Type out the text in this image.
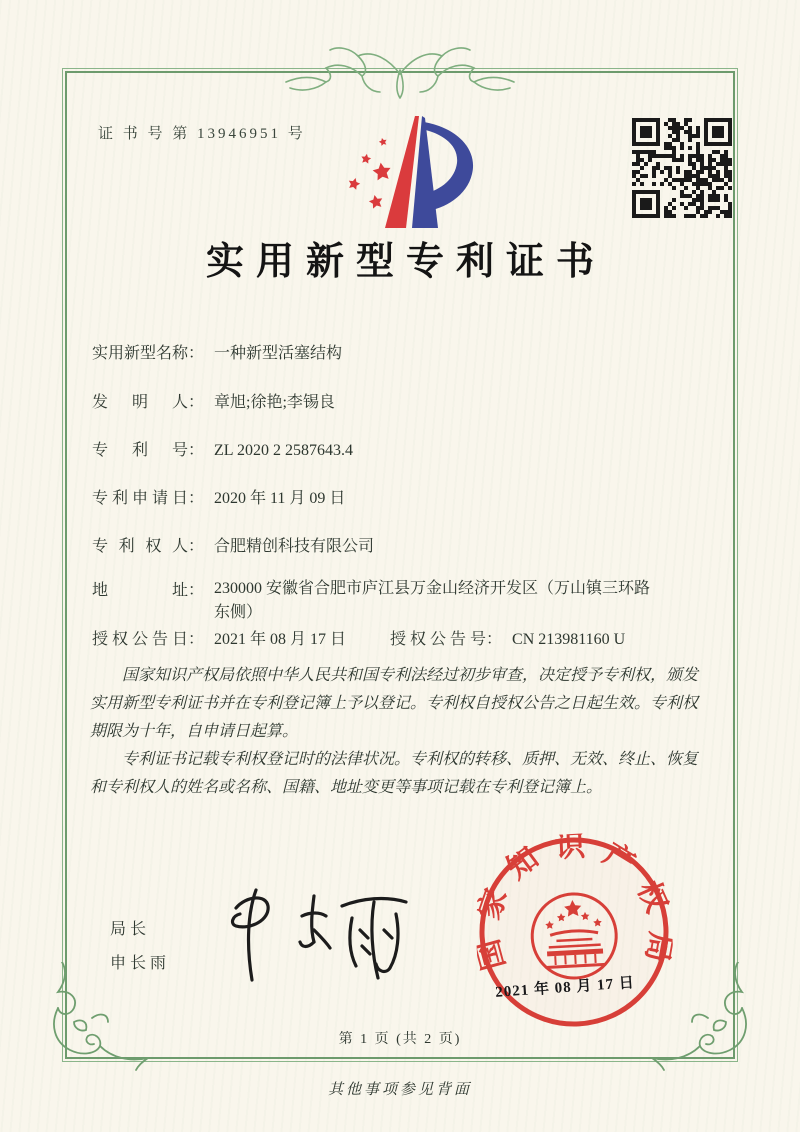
证 书 号 第 13946951 号
实用新型专利证书
实用新型名称： 一种新型活塞结构
发明人： 章旭;徐艳;李锡良
专利号： ZL 2020 2 2587643.4
专利申请日： 2020 年 11 月 09 日
专利权人： 合肥精创科技有限公司
地址： 230000 安徽省合肥市庐江县万金山经济开发区（万山镇三环路东侧）
授权公告日： 2021 年 08 月 17 日	授权公告号： CN 213981160 U

国家知识产权局依照中华人民共和国专利法经过初步审查，决定授予专利权，颁发实用新型专利证书并在专利登记簿上予以登记。专利权自授权公告之日起生效。专利权期限为十年，自申请日起算。

专利证书记载专利权登记时的法律状况。专利权的转移、质押、无效、终止、恢复和专利权人的姓名或名称、国籍、地址变更等事项记载在专利登记簿上。

局长
申长雨	国家知识产权局
2021 年 08 月 17 日
第 1 页 (共 2 页)
其他事项参见背面
